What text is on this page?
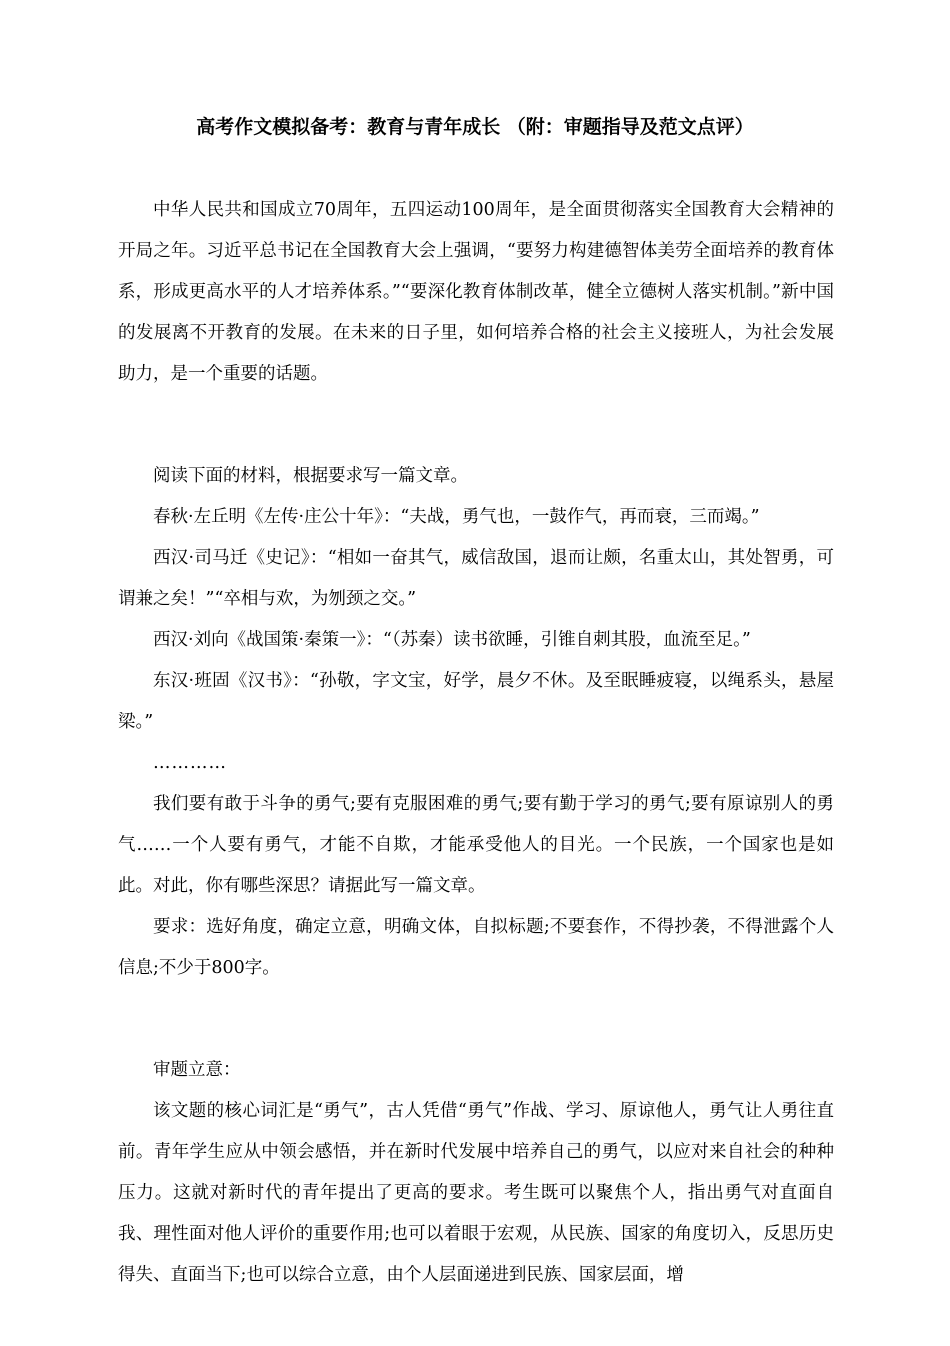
高考作文模拟备考：教育与青年成长 （附：审题指导及范文点评）

中华人民共和国成立70周年，五四运动100周年，是全面贯彻落实全国教育大会精神的开局之年。习近平总书记在全国教育大会上强调，“要努力构建德智体美劳全面培养的教育体系，形成更高水平的人才培养体系。”“要深化教育体制改革，健全立德树人落实机制。”新中国的发展离不开教育的发展。在未来的日子里，如何培养合格的社会主义接班人，为社会发展助力，是一个重要的话题。

阅读下面的材料，根据要求写一篇文章。

春秋·左丘明《左传·庄公十年》：“夫战，勇气也，一鼓作气，再而衰，三而竭。”

西汉·司马迁《史记》：“相如一奋其气，威信敌国，退而让颇，名重太山，其处智勇，可谓兼之矣！”“卒相与欢，为刎颈之交。”

西汉·刘向《战国策·秦策一》：“（苏秦）读书欲睡，引锥自刺其股，血流至足。”

东汉·班固《汉书》：“孙敬，字文宝，好学，晨夕不休。及至眠睡疲寝，以绳系头，悬屋梁。”

…………

我们要有敢于斗争的勇气;要有克服困难的勇气;要有勤于学习的勇气;要有原谅别人的勇气……一个人要有勇气，才能不自欺，才能承受他人的目光。一个民族，一个国家也是如此。对此，你有哪些深思？请据此写一篇文章。

要求：选好角度，确定立意，明确文体，自拟标题;不要套作，不得抄袭，不得泄露个人信息;不少于800字。

审题立意：

该文题的核心词汇是“勇气”，古人凭借“勇气”作战、学习、原谅他人，勇气让人勇往直前。青年学生应从中领会感悟，并在新时代发展中培养自己的勇气，以应对来自社会的种种压力。这就对新时代的青年提出了更高的要求。考生既可以聚焦个人，指出勇气对直面自我、理性面对他人评价的重要作用;也可以着眼于宏观，从民族、国家的角度切入，反思历史得失、直面当下;也可以综合立意，由个人层面递进到民族、国家层面，增
